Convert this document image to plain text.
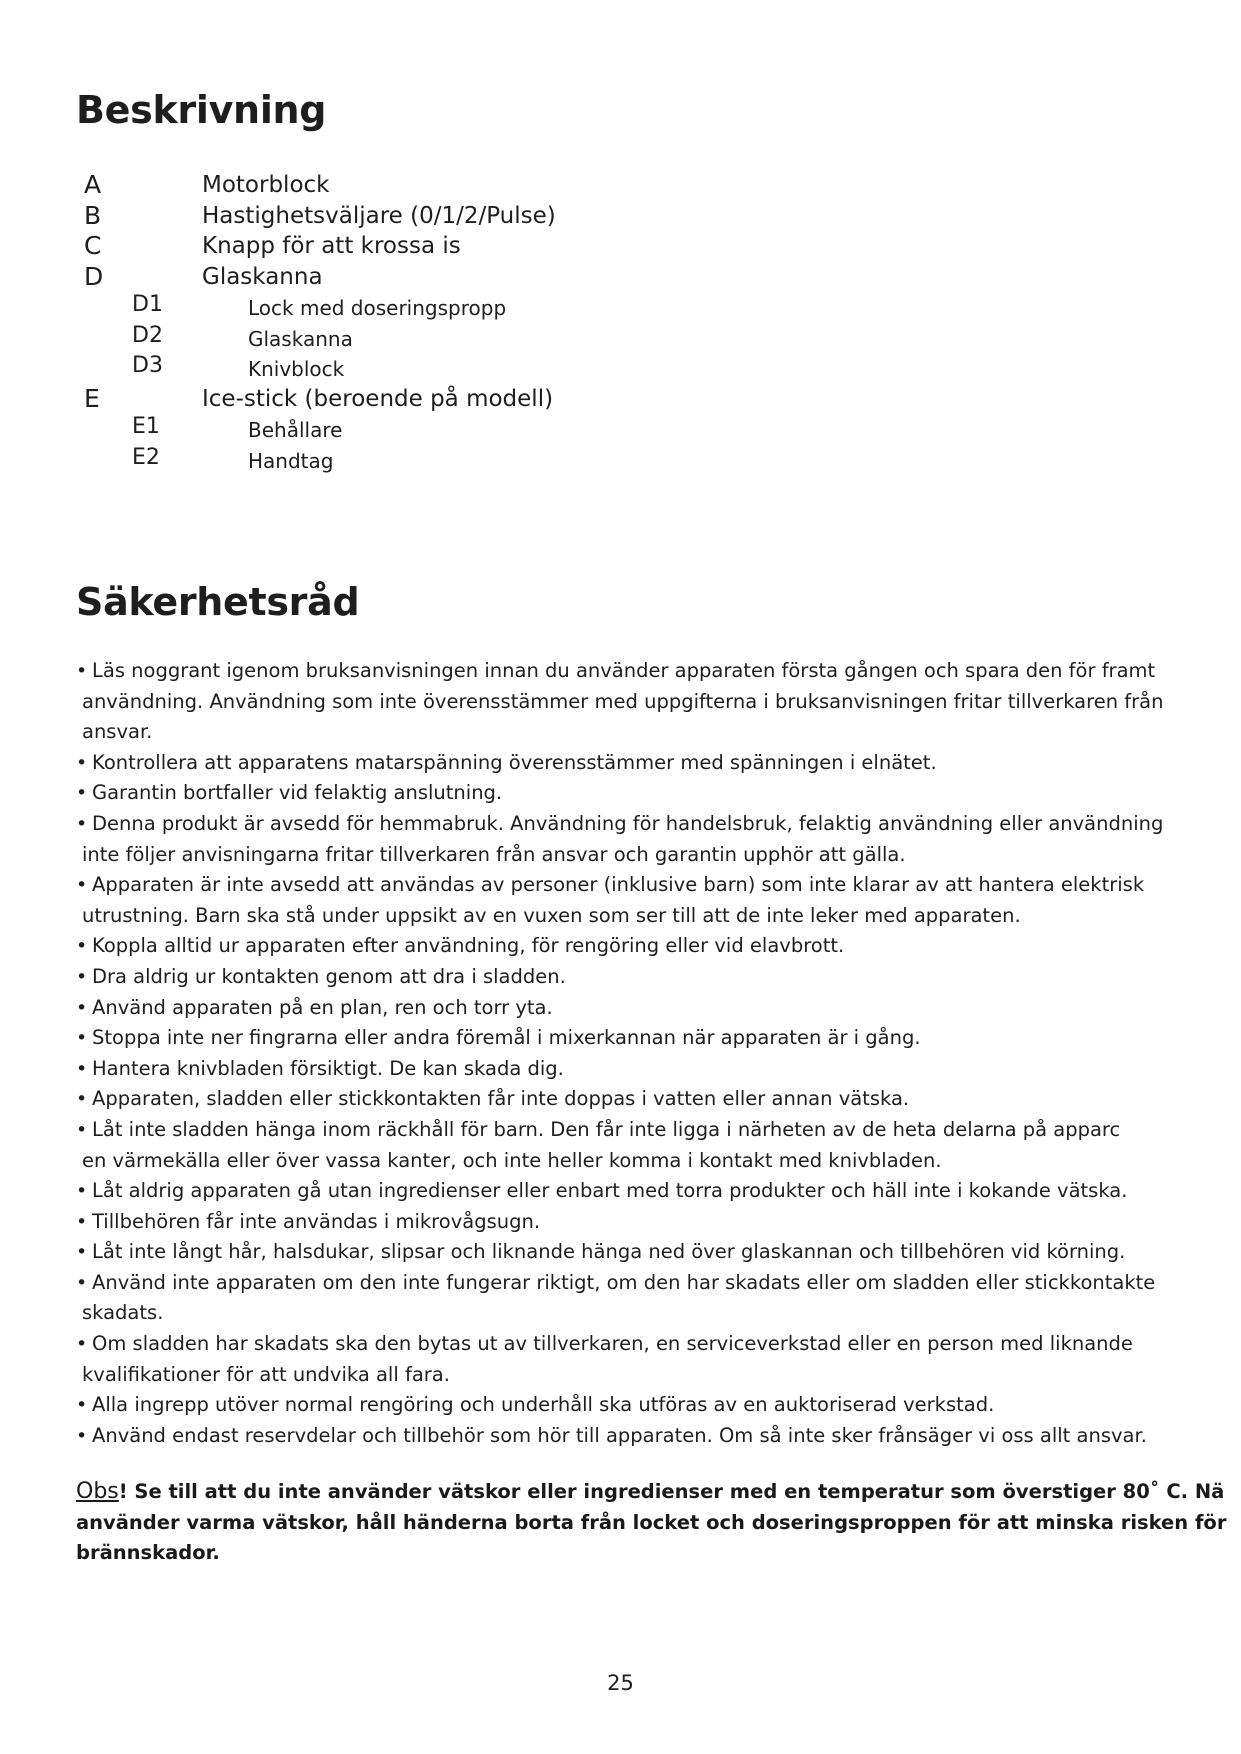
Beskrivning
A	Motorblock
B	Hastighetsväljare (0/1/2/Pulse)
C	Knapp för att krossa is
D	Glaskanna
D1	Lock med doseringspropp
D2	Glaskanna
D3	Knivblock
E	Ice-stick (beroende på modell)
E1	Behållare
E2	Handtag
Säkerhetsråd
• Läs noggrant igenom bruksanvisningen innan du använder apparaten första gången och spara den för framt
användning. Användning som inte överensstämmer med uppgifterna i bruksanvisningen fritar tillverkaren från
ansvar.
• Kontrollera att apparatens matarspänning överensstämmer med spänningen i elnätet.
• Garantin bortfaller vid felaktig anslutning.
• Denna produkt är avsedd för hemmabruk. Användning för handelsbruk, felaktig användning eller användning
inte följer anvisningarna fritar tillverkaren från ansvar och garantin upphör att gälla.
• Apparaten är inte avsedd att användas av personer (inklusive barn) som inte klarar av att hantera elektrisk
utrustning. Barn ska stå under uppsikt av en vuxen som ser till att de inte leker med apparaten.
• Koppla alltid ur apparaten efter användning, för rengöring eller vid elavbrott.
• Dra aldrig ur kontakten genom att dra i sladden.
• Använd apparaten på en plan, ren och torr yta.
• Stoppa inte ner fingrarna eller andra föremål i mixerkannan när apparaten är i gång.
• Hantera knivbladen försiktigt. De kan skada dig.
• Apparaten, sladden eller stickkontakten får inte doppas i vatten eller annan vätska.
• Låt inte sladden hänga inom räckhåll för barn. Den får inte ligga i närheten av de heta delarna på apparc
en värmekälla eller över vassa kanter, och inte heller komma i kontakt med knivbladen.
• Låt aldrig apparaten gå utan ingredienser eller enbart med torra produkter och häll inte i kokande vätska.
• Tillbehören får inte användas i mikrovågsugn.
• Låt inte långt hår, halsdukar, slipsar och liknande hänga ned över glaskannan och tillbehören vid körning.
• Använd inte apparaten om den inte fungerar riktigt, om den har skadats eller om sladden eller stickkontakte
skadats.
• Om sladden har skadats ska den bytas ut av tillverkaren, en serviceverkstad eller en person med liknande
kvalifikationer för att undvika all fara.
• Alla ingrepp utöver normal rengöring och underhåll ska utföras av en auktoriserad verkstad.
• Använd endast reservdelar och tillbehör som hör till apparaten. Om så inte sker frånsäger vi oss allt ansvar.
Obs! Se till att du inte använder vätskor eller ingredienser med en temperatur som överstiger 80˚ C. Nä
använder varma vätskor, håll händerna borta från locket och doseringsproppen för att minska risken för
brännskador.
25
